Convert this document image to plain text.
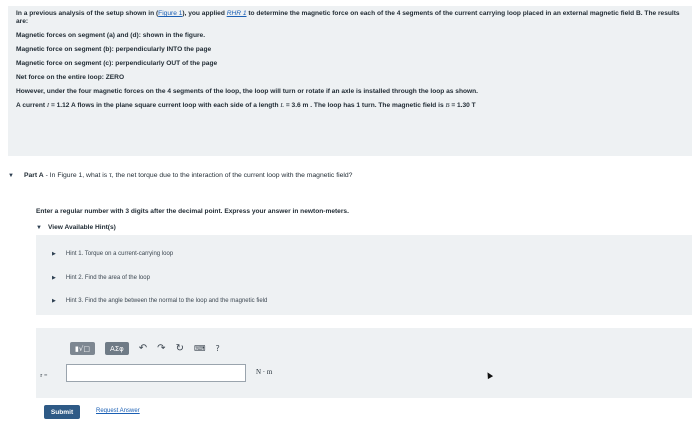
In a previous analysis of the setup shown in (Figure 1), you applied RHR 1 to determine the magnetic force on each of the 4 segments of the current carrying loop placed in an external magnetic field B. The results are:

Magnetic forces on segment (a) and (d): shown in the figure.

Magnetic force on segment (b): perpendicularly INTO the page

Magnetic force on segment (c): perpendicularly OUT of the page

Net force on the entire loop: ZERO

However, under the four magnetic forces on the 4 segments of the loop, the loop will turn or rotate if an axle is installed through the loop as shown.

A current I = 1.12 A flows in the plane square current loop with each side of a length L = 3.6 m . The loop has 1 turn. The magnetic field is B = 1.30 T

▼ Part A - In Figure 1, what is τ, the net torque due to the interaction of the current loop with the magnetic field?
Enter a regular number with 3 digits after the decimal point. Express your answer in newton-meters.
▼ View Available Hint(s)
▶ Hint 1. Torque on a current-carrying loop
▶ Hint 2. Find the area of the loop
▶ Hint 3. Find the angle between the normal to the loop and the magnetic field
▮√□	ΑΣφ	↶ ↷ ↻ ⌨ ?
τ =	N · m
Submit	Request Answer
